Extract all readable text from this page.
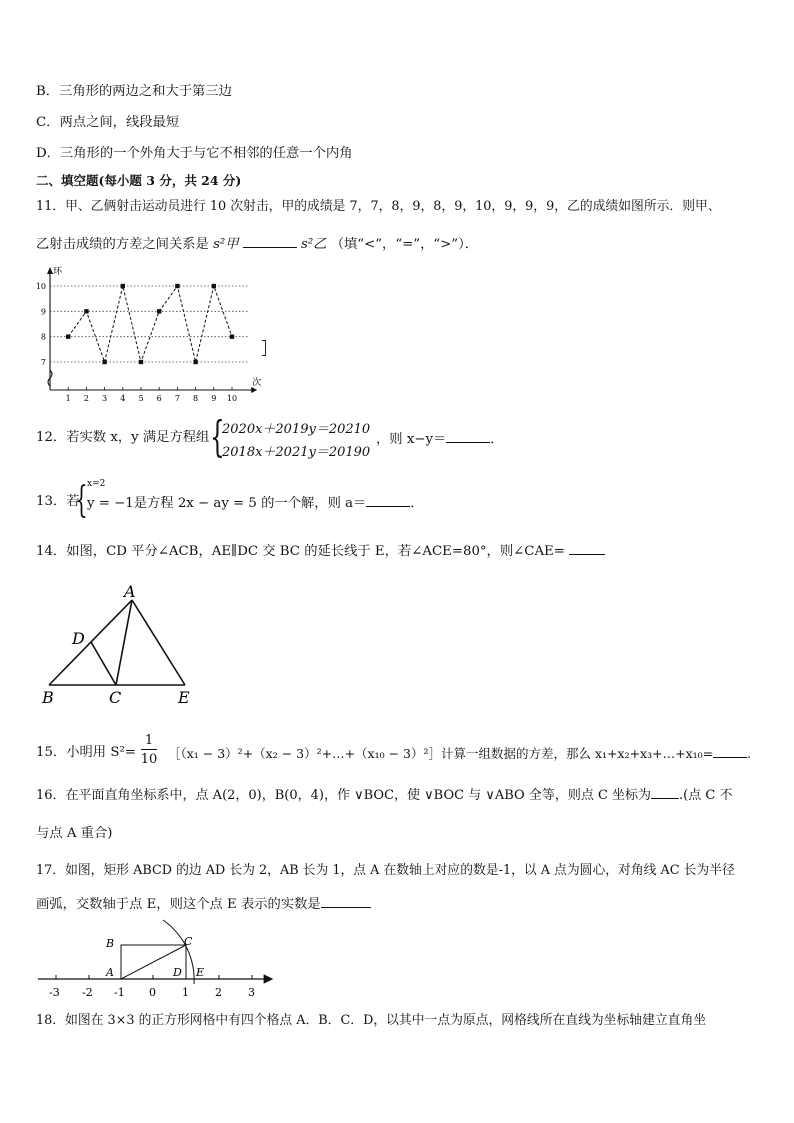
B．三角形的两边之和大于第三边
C．两点之间，线段最短
D．三角形的一个外角大于与它不相邻的任意一个内角
二、填空题(每小题 3 分，共 24 分)
11．甲、乙俩射击运动员进行 10 次射击，甲的成绩是 7，7，8，9，8，9，10，9，9，9，乙的成绩如图所示．则甲、
乙射击成绩的方差之间关系是 s²甲	s²乙 （填“<”，“=”，“>”）．
7
8
9
10
1 2 3 4 5 6 7 8 9 10
环
次
12．若实数 x，y 满足方程组 {
2020x＋2019y＝20210
2018x＋2021y＝20190
，则 x−y＝	．
13．若
{ x=2
y = −1是方程 2x − ay = 5 的一个解，则 a＝	．
14．如图，CD 平分∠ACB，AE∥DC 交 BC 的延长线于 E，若∠ACE=80°，则∠CAE=
A
D
B	C	E
15．小明用 S²=
1
10 ［（x₁ − 3）²+（x₂ − 3）²+…+（x₁₀ − 3）²］计算一组数据的方差，那么 x₁+x₂+x₃+…+x₁₀=	.
16．在平面直角坐标系中，点 A(2，0)，B(0，4)，作 ∨BOC，使 ∨BOC 与 ∨ABO 全等，则点 C 坐标为 .(点 C 不
与点 A 重合)
17．如图，矩形 ABCD 的边 AD 长为 2，AB 长为 1，点 A 在数轴上对应的数是-1，以 A 点为圆心，对角线 AC 长为半径
画弧，交数轴于点 E，则这个点 E 表示的实数是
-3 -2 -1 0 1 2 3
B	C
A	D E
18．如图在 3×3 的正方形网格中有四个格点 A．B．C．D，以其中一点为原点，网格线所在直线为坐标轴建立直角坐
